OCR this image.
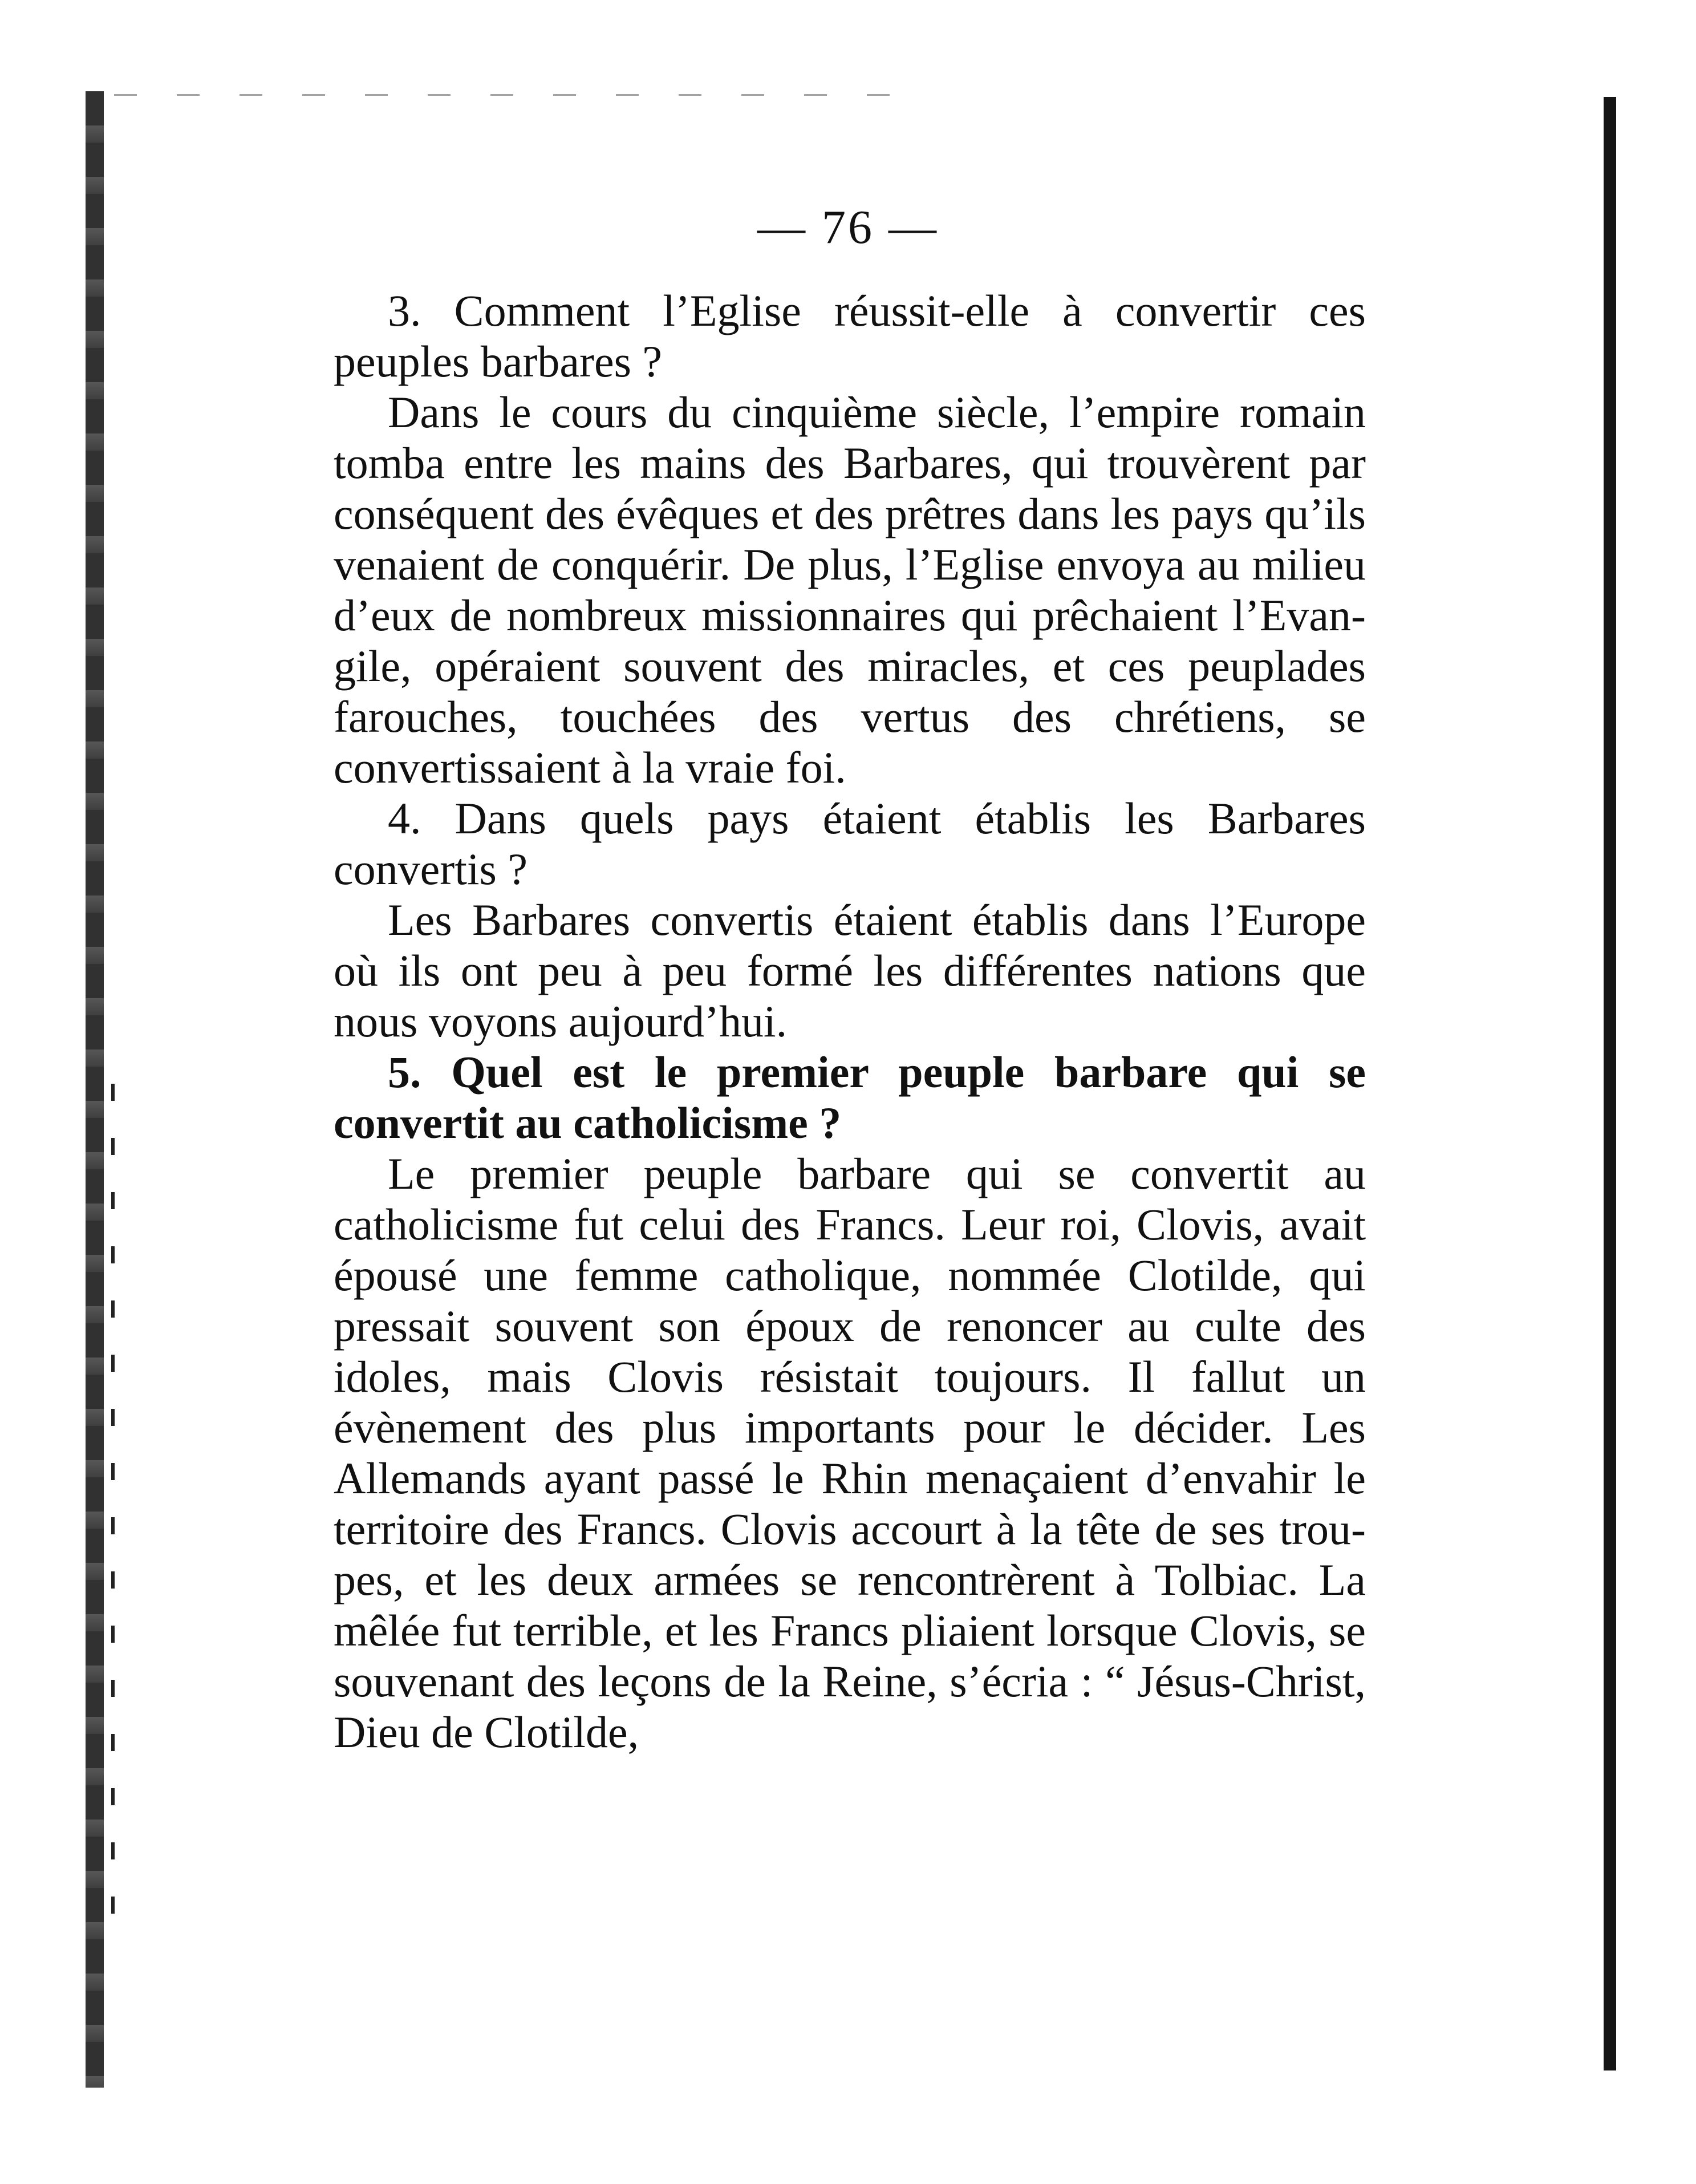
— 76 —

3. Comment l’Eglise réussit-elle à convertir ces peuples barbares ?

Dans le cours du cinquième siècle, l’empire romain tomba entre les mains des Barbares, qui trouvèrent par conséquent des évêques et des prêtres dans les pays qu’ils venaient de conquérir. De plus, l’Eglise envoya au milieu d’eux de nombreux missionnaires qui prêchaient l’Evangile, opéraient souvent des miracles, et ces peuplades farouches, touchées des vertus des chrétiens, se convertissaient à la vraie foi.

4. Dans quels pays étaient établis les Barbares convertis ?

Les Barbares convertis étaient établis dans l’Europe où ils ont peu à peu formé les différentes nations que nous voyons aujourd’hui.

5. Quel est le premier peuple barbare qui se convertit au catholicisme ?

Le premier peuple barbare qui se convertit au catholicisme fut celui des Francs. Leur roi, Clovis, avait épousé une femme catholique, nommée Clotilde, qui pressait souvent son époux de renoncer au culte des idoles, mais Clovis résistait toujours. Il fallut un évènement des plus importants pour le décider. Les Allemands ayant passé le Rhin menaçaient d’envahir le territoire des Francs. Clovis accourt à la tête de ses troupes, et les deux armées se rencontrèrent à Tolbiac. La mêlée fut terrible, et les Francs pliaient lorsque Clovis, se souvenant des leçons de la Reine, s’écria : “ Jésus-Christ, Dieu de Clotilde,
